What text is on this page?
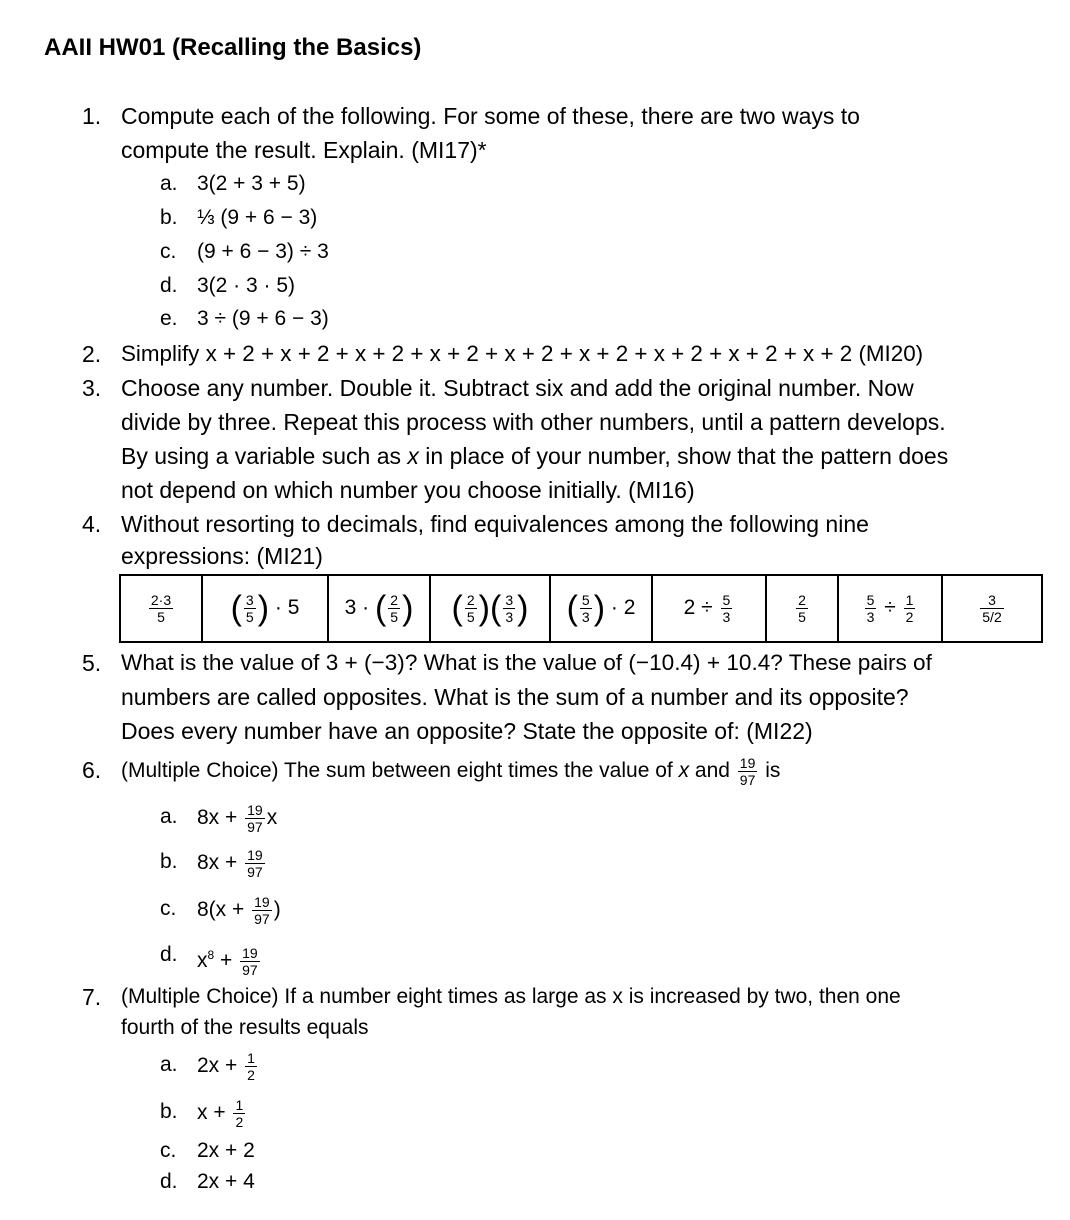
AAII HW01 (Recalling the Basics)
1. Compute each of the following. For some of these, there are two ways to
compute the result. Explain. (MI17)*
a. 3(2 + 3 + 5)
b. ⅓ (9 + 6 − 3)
c. (9 + 6 − 3) ÷ 3
d. 3(2 · 3 · 5)
e. 3 ÷ (9 + 6 − 3)
2. Simplify x + 2 + x + 2 + x + 2 + x + 2 + x + 2 + x + 2 + x + 2 + x + 2 + x + 2 (MI20)
3. Choose any number. Double it. Subtract six and add the original number. Now
divide by three. Repeat this process with other numbers, until a pattern develops.
By using a variable such as x in place of your number, show that the pattern does
not depend on which number you choose initially. (MI16)
4. Without resorting to decimals, find equivalences among the following nine
expressions: (MI21)
$\frac{2\cdot 3}{5}$	( $\frac{3}{5}$ ) · 5	3 · ( $\frac{2}{5}$ )	( $\frac{2}{5}$ )( $\frac{3}{3}$ )	( $\frac{5}{3}$ ) · 2	$2 \div \frac{5}{3}$	$\frac{2}{5}$	$\frac{5}{3} \div \frac{1}{2}$	$\frac{3}{5/2}$
5. What is the value of 3 + (−3)? What is the value of (−10.4) + 10.4? These pairs of
numbers are called opposites. What is the sum of a number and its opposite?
Does every number have an opposite? State the opposite of: (MI22)
6. (Multiple Choice) The sum between eight times the value of x and $\frac{19}{97}$ is
a. $8x + \frac{19}{97}$ x
b. $8x + \frac{19}{97}$
c. $8(x + \frac{19}{97}$ )
d. $x^8 + \frac{19}{97}$
7. (Multiple Choice) If a number eight times as large as x is increased by two, then one
fourth of the results equals
a. $2x + \frac{1}{2}$
b. $x + \frac{1}{2}$
c. 2x + 2
d. 2x + 4
